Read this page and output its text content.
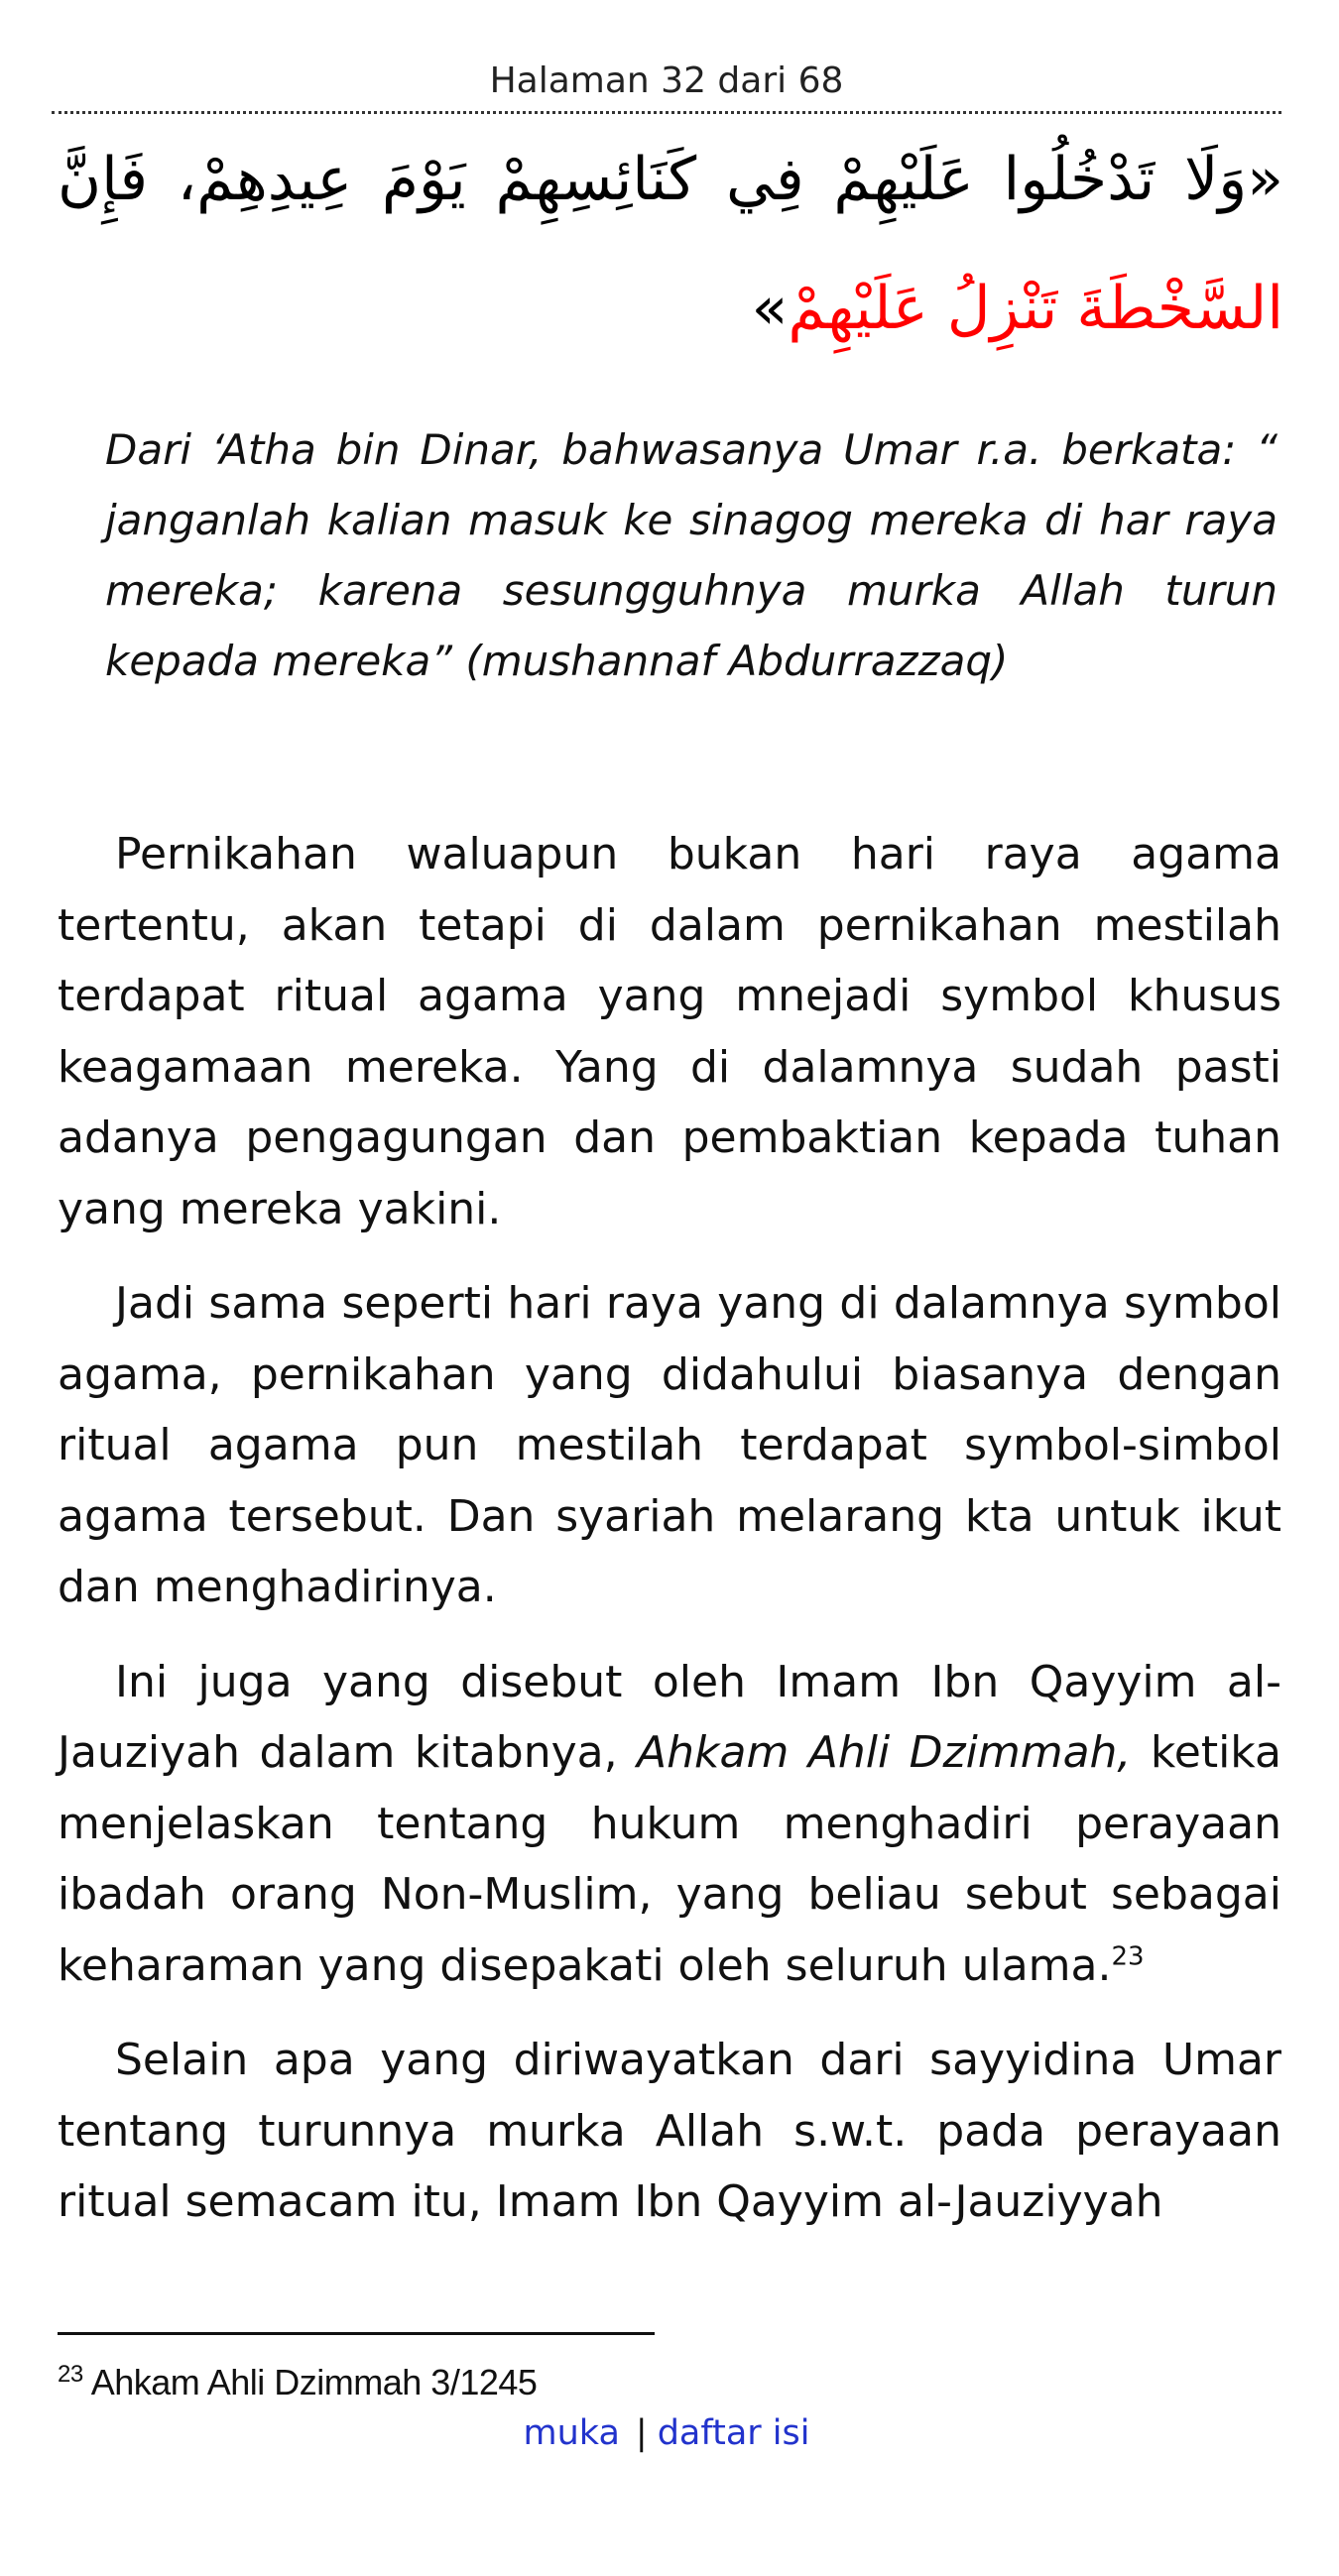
Halaman 32 dari 68
«وَلَا تَدْخُلُوا عَلَيْهِمْ فِي كَنَائِسِهِمْ يَوْمَ عِيدِهِمْ، فَإِنَّ السَّخْطَةَ تَنْزِلُ عَلَيْهِمْ»
Dari ‘Atha bin Dinar, bahwasanya Umar r.a. berkata: “ janganlah kalian masuk ke sinagog mereka di har raya mereka; karena sesungguhnya murka Allah turun kepada mereka” (mushannaf Abdurrazzaq)

Pernikahan waluapun bukan hari raya agama tertentu, akan tetapi di dalam pernikahan mestilah terdapat ritual agama yang mnejadi symbol khusus keagamaan mereka. Yang di dalamnya sudah pasti adanya pengagungan dan pembaktian kepada tuhan yang mereka yakini.

Jadi sama seperti hari raya yang di dalamnya symbol agama, pernikahan yang didahului biasanya dengan ritual agama pun mestilah terdapat symbol-simbol agama tersebut. Dan syariah melarang kta untuk ikut dan menghadirinya.

Ini juga yang disebut oleh Imam Ibn Qayyim al-Jauziyah dalam kitabnya, Ahkam Ahli Dzimmah, ketika menjelaskan tentang hukum menghadiri perayaan ibadah orang Non-Muslim, yang beliau sebut sebagai keharaman yang disepakati oleh seluruh ulama.$^{23}$

Selain apa yang diriwayatkan dari sayyidina Umar tentang turunnya murka Allah s.w.t. pada perayaan ritual semacam itu, Imam Ibn Qayyim al-Jauziyyah

$^{23}$ Ahkam Ahli Dzimmah 3/1245
muka | daftar isi
